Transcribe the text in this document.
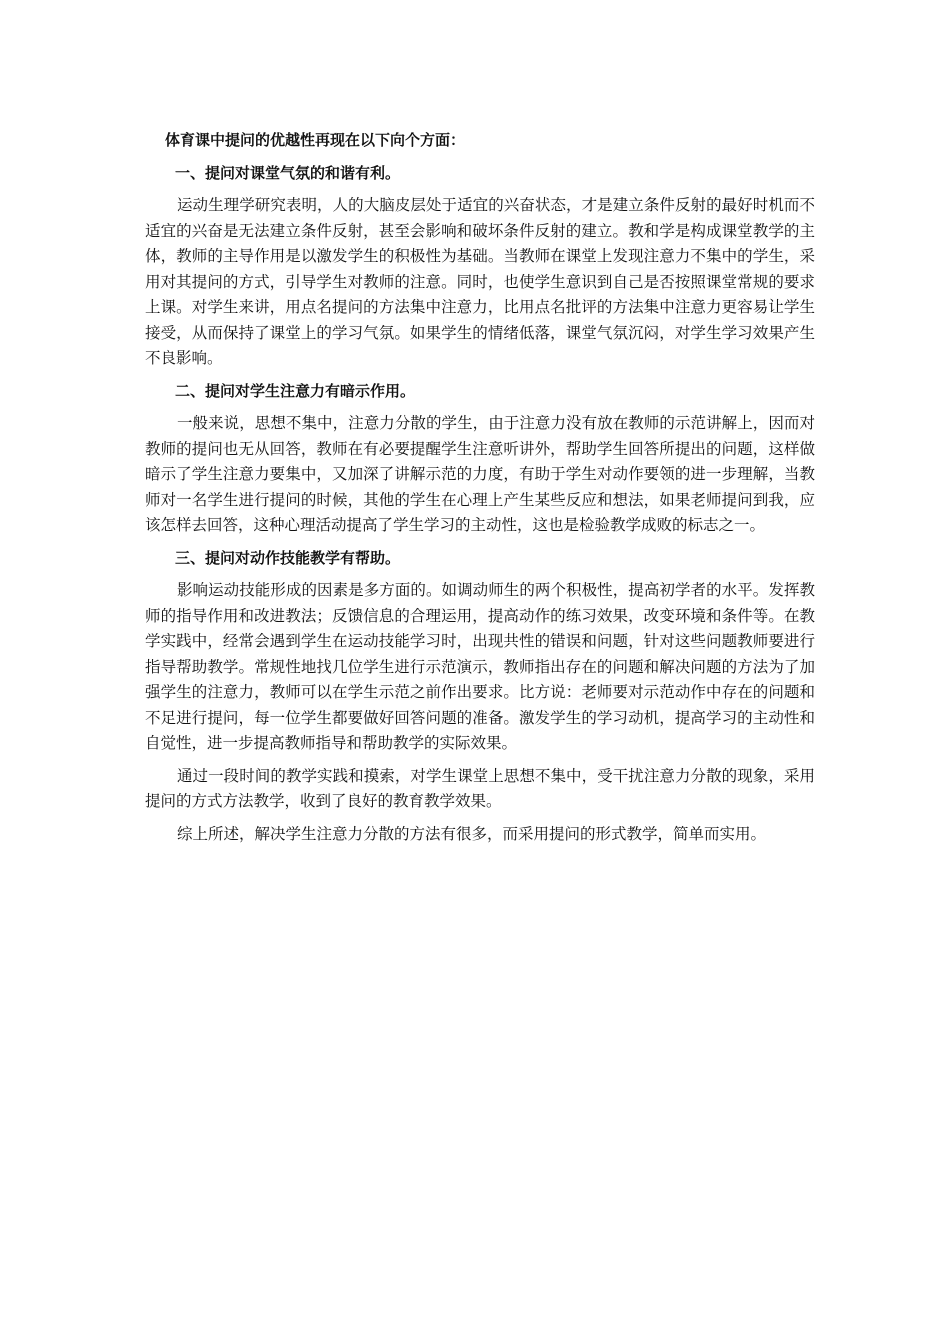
体育课中提问的优越性再现在以下向个方面：

一、提问对课堂气氛的和谐有利。

运动生理学研究表明，人的大脑皮层处于适宜的兴奋状态，才是建立条件反射的最好时机而不适宜的兴奋是无法建立条件反射，甚至会影响和破坏条件反射的建立。教和学是构成课堂教学的主体，教师的主导作用是以激发学生的积极性为基础。当教师在课堂上发现注意力不集中的学生，采用对其提问的方式，引导学生对教师的注意。同时，也使学生意识到自己是否按照课堂常规的要求上课。对学生来讲，用点名提问的方法集中注意力，比用点名批评的方法集中注意力更容易让学生接受，从而保持了课堂上的学习气氛。如果学生的情绪低落，课堂气氛沉闷，对学生学习效果产生不良影响。

二、提问对学生注意力有暗示作用。

一般来说，思想不集中，注意力分散的学生，由于注意力没有放在教师的示范讲解上，因而对教师的提问也无从回答，教师在有必要提醒学生注意听讲外，帮助学生回答所提出的问题，这样做暗示了学生注意力要集中，又加深了讲解示范的力度，有助于学生对动作要领的进一步理解，当教师对一名学生进行提问的时候，其他的学生在心理上产生某些反应和想法，如果老师提问到我，应该怎样去回答，这种心理活动提高了学生学习的主动性，这也是检验教学成败的标志之一。

三、提问对动作技能教学有帮助。

影响运动技能形成的因素是多方面的。如调动师生的两个积极性，提高初学者的水平。发挥教师的指导作用和改进教法；反馈信息的合理运用，提高动作的练习效果，改变环境和条件等。在教学实践中，经常会遇到学生在运动技能学习时，出现共性的错误和问题，针对这些问题教师要进行指导帮助教学。常规性地找几位学生进行示范演示，教师指出存在的问题和解决问题的方法为了加强学生的注意力，教师可以在学生示范之前作出要求。比方说：老师要对示范动作中存在的问题和不足进行提问，每一位学生都要做好回答问题的准备。激发学生的学习动机，提高学习的主动性和自觉性，进一步提高教师指导和帮助教学的实际效果。

通过一段时间的教学实践和摸索，对学生课堂上思想不集中，受干扰注意力分散的现象，采用提问的方式方法教学，收到了良好的教育教学效果。

综上所述，解决学生注意力分散的方法有很多，而采用提问的形式教学，简单而实用。
